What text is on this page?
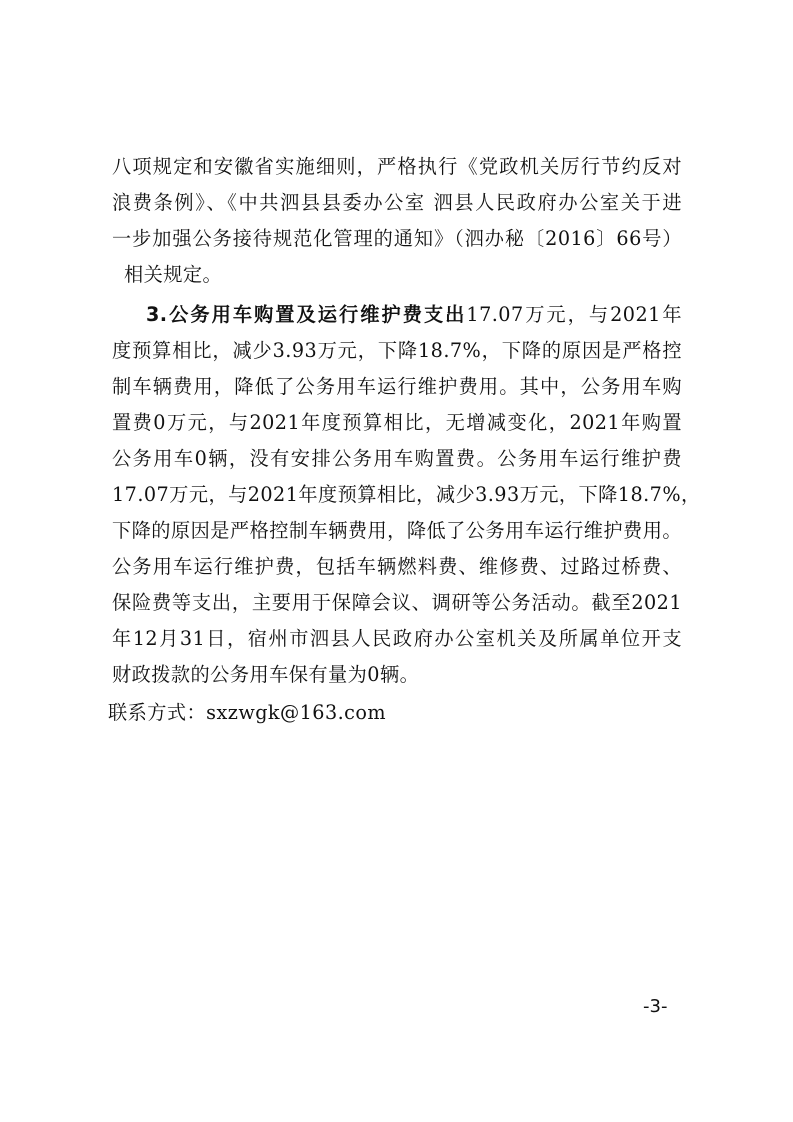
八项规定和安徽省实施细则，严格执行《党政机关厉行节约反对
浪费条例》、《中共泗县县委办公室 泗县人民政府办公室关于进
一步加强公务接待规范化管理的通知》（泗办秘〔2016〕66号）
相关规定。
3.公务用车购置及运行维护费支出17.07万元，与2021年
度预算相比，减少3.93万元，下降18.7%，下降的原因是严格控
制车辆费用，降低了公务用车运行维护费用。其中，公务用车购
置费0万元，与2021年度预算相比，无增减变化，2021年购置
公务用车0辆，没有安排公务用车购置费。公务用车运行维护费
17.07万元，与2021年度预算相比，减少3.93万元，下降18.7%，
下降的原因是严格控制车辆费用，降低了公务用车运行维护费用。
公务用车运行维护费，包括车辆燃料费、维修费、过路过桥费、
保险费等支出，主要用于保障会议、调研等公务活动。截至2021
年12月31日，宿州市泗县人民政府办公室机关及所属单位开支
财政拨款的公务用车保有量为0辆。
联系方式：sxzwgk@163.com
-3-
